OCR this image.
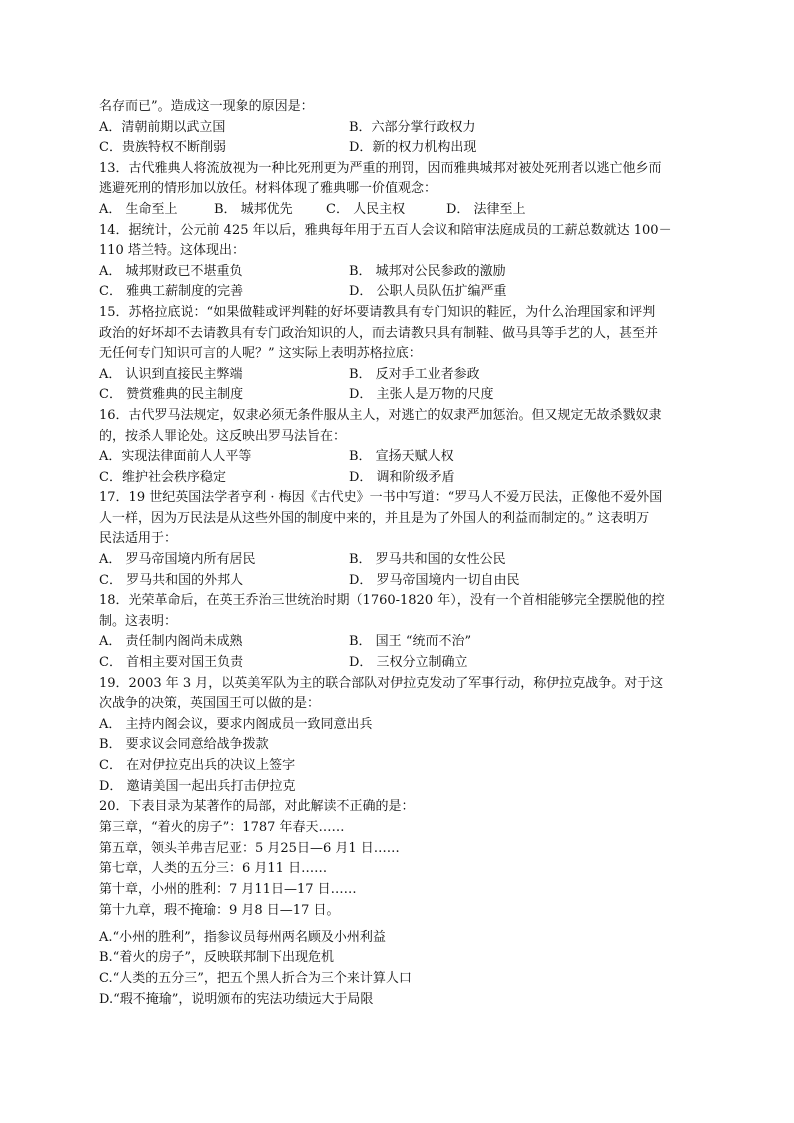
名存而已”。造成这一现象的原因是：
A．清朝前期以武立国	B．六部分掌行政权力
C．贵族特权不断削弱	D．新的权力机构出现
13．古代雅典人将流放视为一种比死刑更为严重的刑罚，因而雅典城邦对被处死刑者以逃亡他乡而
逃避死刑的情形加以放任。材料体现了雅典哪一价值观念：
A． 生命至上	B． 城邦优先	C． 人民主权	D． 法律至上
14．据统计，公元前 425 年以后，雅典每年用于五百人会议和陪审法庭成员的工薪总数就达 100－
110 塔兰特。这体现出：
A． 城邦财政已不堪重负	B． 城邦对公民参政的激励
C． 雅典工薪制度的完善	D． 公职人员队伍扩编严重
15．苏格拉底说：“如果做鞋或评判鞋的好坏要请教具有专门知识的鞋匠，为什么治理国家和评判
政治的好坏却不去请教具有专门政治知识的人，而去请教只具有制鞋、做马具等手艺的人，甚至并
无任何专门知识可言的人呢？” 这实际上表明苏格拉底：
A． 认识到直接民主弊端	B． 反对手工业者参政
C． 赞赏雅典的民主制度	D． 主张人是万物的尺度
16．古代罗马法规定，奴隶必须无条件服从主人，对逃亡的奴隶严加惩治。但又规定无故杀戮奴隶
的，按杀人罪论处。这反映出罗马法旨在：
A．实现法律面前人人平等	B． 宣扬天赋人权
C．维护社会秩序稳定	D． 调和阶级矛盾
17．19 世纪英国法学者亨利 · 梅因《古代史》一书中写道：“罗马人不爱万民法，正像他不爱外国
人一样，因为万民法是从这些外国的制度中来的，并且是为了外国人的利益而制定的。” 这表明万
民法适用于：
A． 罗马帝国境内所有居民	B． 罗马共和国的女性公民
C． 罗马共和国的外邦人	D． 罗马帝国境内一切自由民
18．光荣革命后，在英王乔治三世统治时期（1760-1820 年），没有一个首相能够完全摆脱他的控
制。这表明：
A． 责任制内阁尚未成熟	B． 国王 “统而不治”
C． 首相主要对国王负责	D． 三权分立制确立
19．2003 年 3 月，以英美军队为主的联合部队对伊拉克发动了军事行动，称伊拉克战争。对于这
次战争的决策，英国国王可以做的是：
A． 主持内阁会议，要求内阁成员一致同意出兵
B． 要求议会同意给战争拨款
C． 在对伊拉克出兵的决议上签字
D． 邀请美国一起出兵打击伊拉克
20．下表目录为某著作的局部，对此解读不正确的是：
第三章，“着火的房子”：1787 年春天……
第五章，领头羊弗吉尼亚：5 月25日—6 月1 日……
第七章，人类的五分三：6 月11 日……
第十章，小州的胜利：7 月11日—17 日……
第十九章，瑕不掩瑜：9 月8 日—17 日。
A.“小州的胜利”，指参议员每州两名顾及小州利益
B.“着火的房子”，反映联邦制下出现危机
C.“人类的五分三”，把五个黑人折合为三个来计算人口
D.“瑕不掩瑜”，说明颁布的宪法功绩远大于局限
